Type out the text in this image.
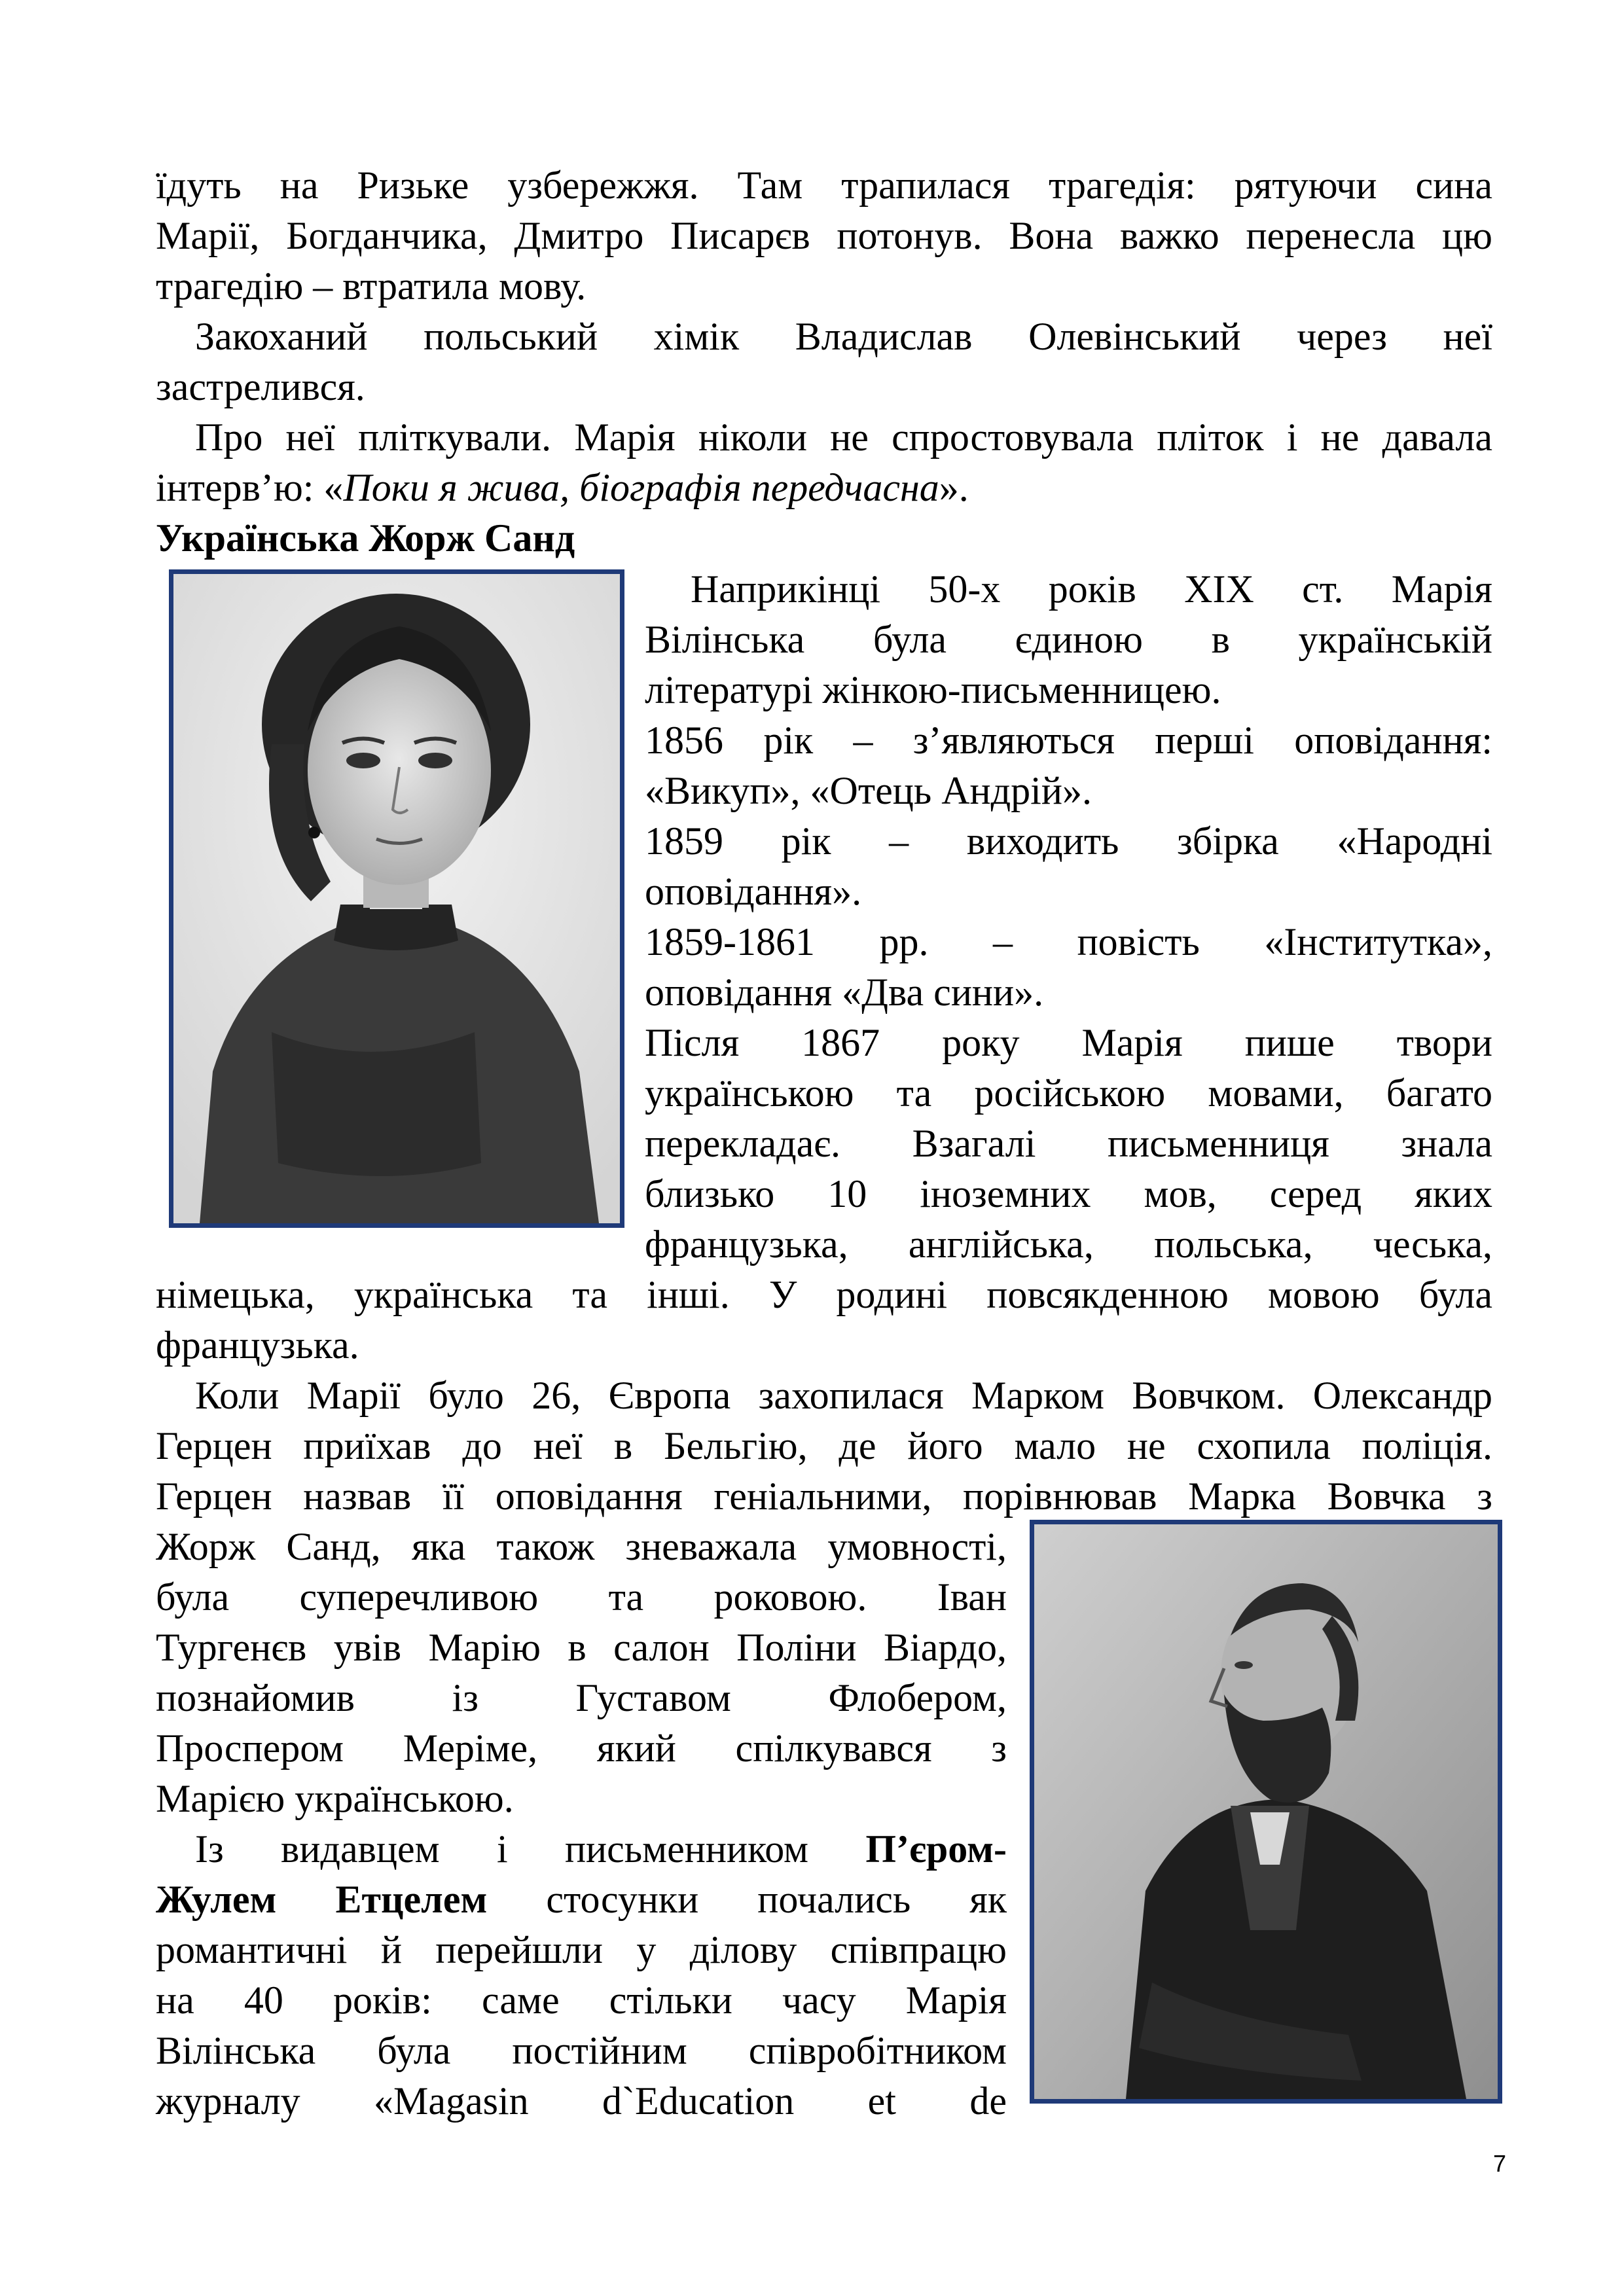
їдуть на Ризьке узбережжя. Там трапилася трагедія: рятуючи сина
Марії, Богданчика, Дмитро Писарєв потонув. Вона важко перенесла цю
трагедію – втратила мову.
Закоханий польський хімік Владислав Олевінський через неї
застрелився.
Про неї пліткували. Марія ніколи не спростовувала пліток і не давала
інтерв’ю: «Поки я жива, біографія передчасна».
Українська Жорж Санд
Наприкінці 50-х років ХІХ ст. Марія
Вілінська була єдиною в українській
літературі жінкою-письменницею.
1856 рік – з’являються перші оповідання:
«Викуп», «Отець Андрій».
1859 рік – виходить збірка «Народні
оповідання».
1859-1861 рр. – повість «Інститутка»,
оповідання «Два сини».
Після 1867 року Марія пише твори
українською та російською мовами, багато
перекладає. Взагалі письменниця знала
близько 10 іноземних мов, серед яких
французька, англійська, польська, чеська,
німецька, українська та інші. У родині повсякденною мовою була
французька.
Коли Марії було 26, Європа захопилася Марком Вовчком. Олександр
Герцен приїхав до неї в Бельгію, де його мало не схопила поліція.
Герцен назвав її оповідання геніальними, порівнював Марка Вовчка з
Жорж Санд, яка також зневажала умовності,
була суперечливою та роковою. Іван
Тургенєв увів Марію в салон Поліни Віардо,
познайомив із Густавом Флобером,
Проспером Меріме, який спілкувався з
Марією українською.
Із видавцем і письменником П’єром-
Жулем Етцелем стосунки почались як
романтичні й перейшли у ділову співпрацю
на 40 років: саме стільки часу Марія
Вілінська була постійним співробітником
журналу «Magasin d`Education et de
7
